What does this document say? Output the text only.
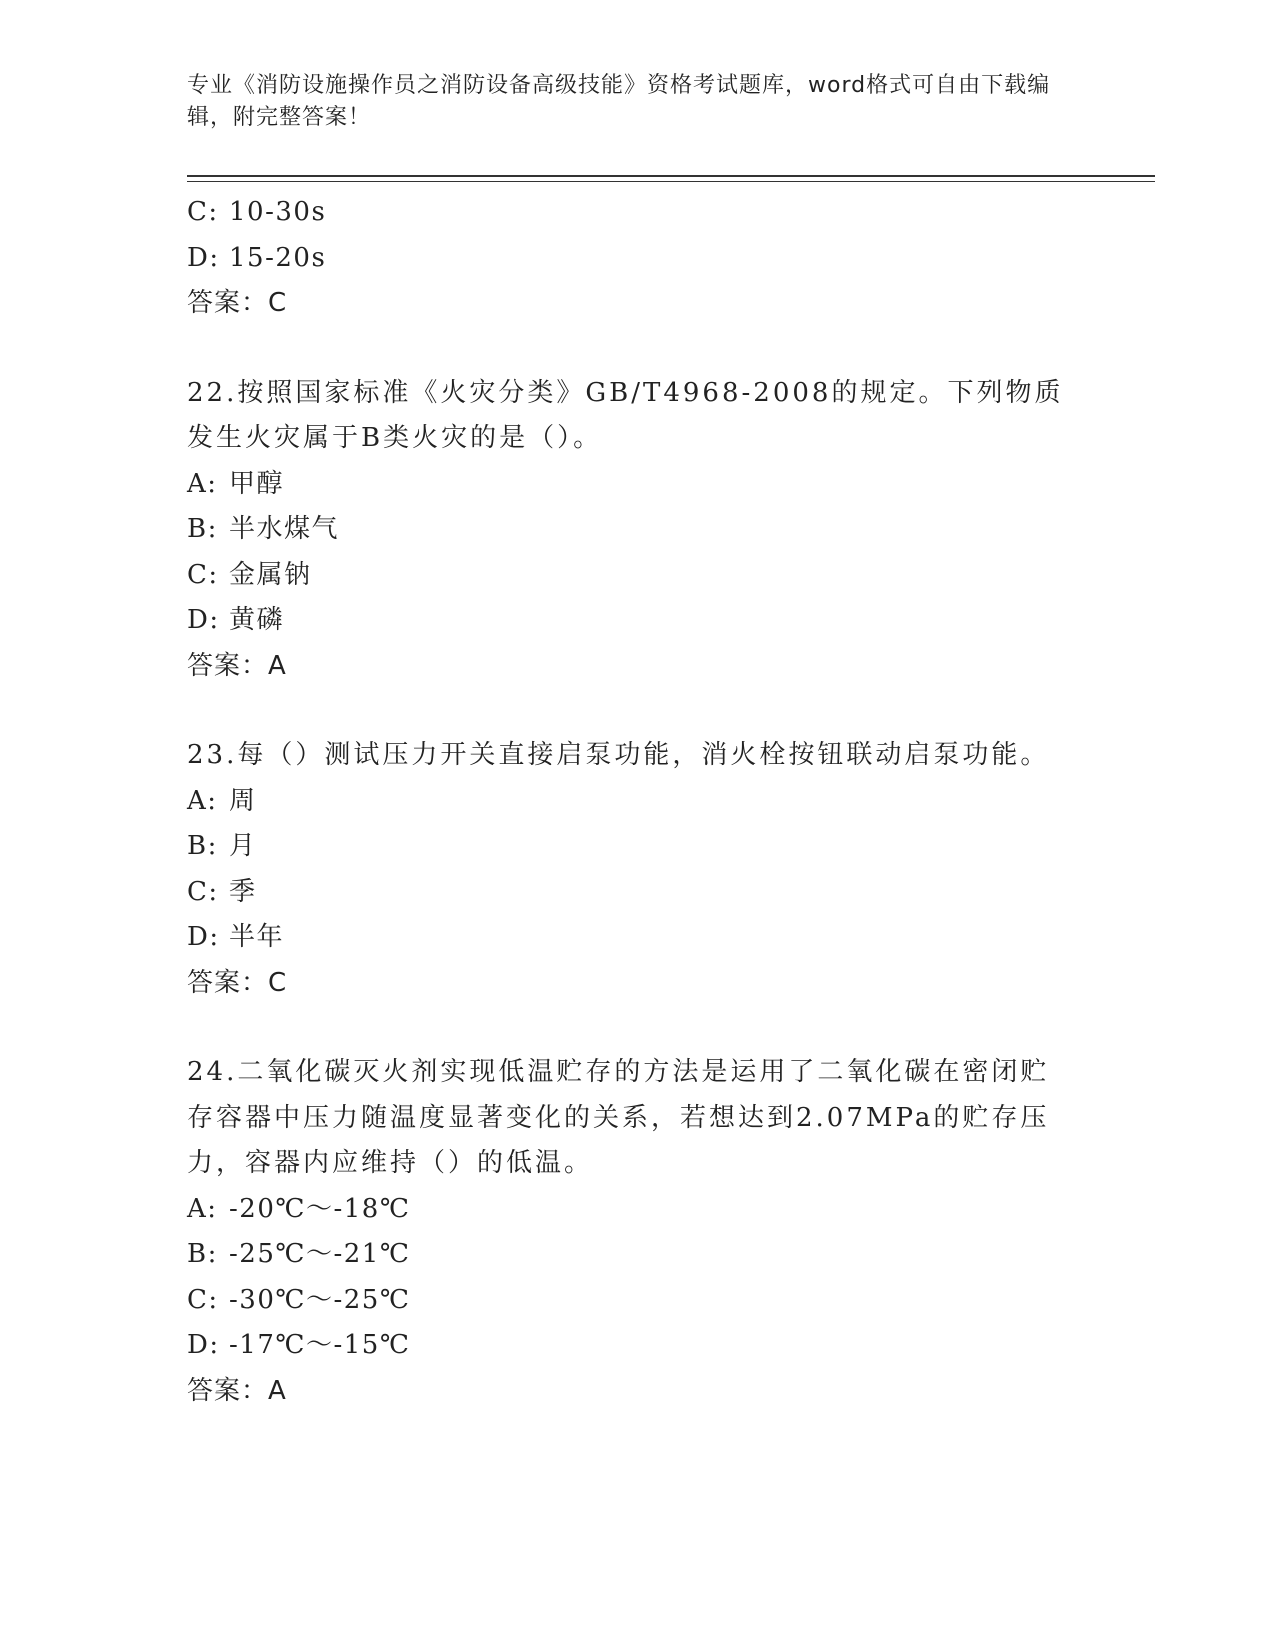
专业《消防设施操作员之消防设备高级技能》资格考试题库，word格式可自由下载编辑，附完整答案！
C: 10-30s
D: 15-20s
答案：C
22.按照国家标准《火灾分类》GB/T4968-2008的规定。下列物质发生火灾属于B类火灾的是（）。
A: 甲醇
B: 半水煤气
C: 金属钠
D: 黄磷
答案：A
23.每（）测试压力开关直接启泵功能，消火栓按钮联动启泵功能。
A: 周
B: 月
C: 季
D: 半年
答案：C
24.二氧化碳灭火剂实现低温贮存的方法是运用了二氧化碳在密闭贮存容器中压力随温度显著变化的关系，若想达到2.07MPa的贮存压力，容器内应维持（）的低温。
A: -20℃～-18℃
B: -25℃～-21℃
C: -30℃～-25℃
D: -17℃～-15℃
答案：A
